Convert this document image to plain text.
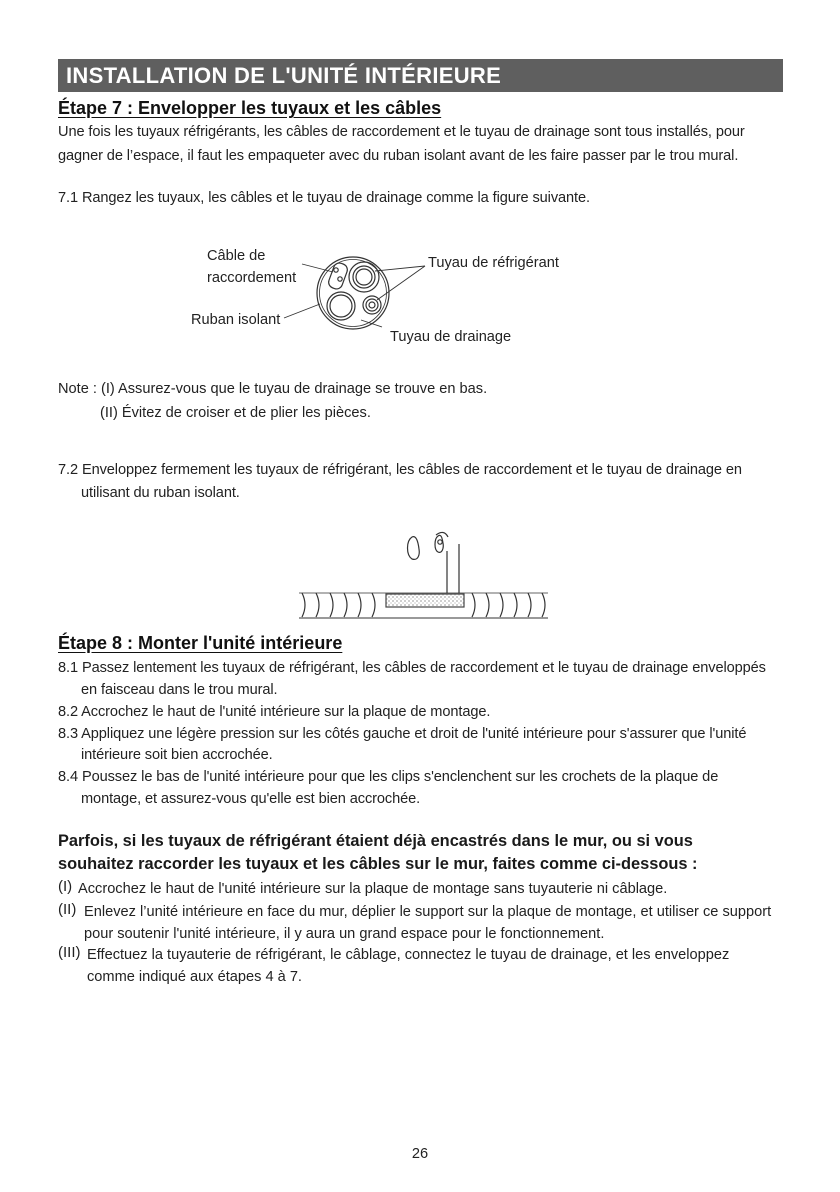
INSTALLATION DE L'UNITÉ INTÉRIEURE
Étape 7 : Envelopper les tuyaux et les câbles
Une fois les tuyaux réfrigérants, les câbles de raccordement et le tuyau de drainage sont tous installés, pour
gagner de l’espace, il faut les empaqueter avec du ruban isolant avant de les faire passer par le trou mural.
7.1 Rangez les tuyaux, les câbles et le tuyau de drainage comme la figure suivante.
Câble de
raccordement
Tuyau de réfrigérant
Ruban isolant
Tuyau de drainage
Note : (I) Assurez-vous que le tuyau de drainage se trouve en bas.
(II) Évitez de croiser et de plier les pièces.
7.2 Enveloppez fermement les tuyaux de réfrigérant, les câbles de raccordement et le tuyau de drainage en
utilisant du ruban isolant.
Étape 8 : Monter l'unité intérieure
8.1 Passez lentement les tuyaux de réfrigérant, les câbles de raccordement et le tuyau de drainage enveloppés
en faisceau dans le trou mural.
8.2 Accrochez le haut de l'unité intérieure sur la plaque de montage.
8.3 Appliquez une légère pression sur les côtés gauche et droit de l'unité intérieure pour s'assurer que l'unité
intérieure soit bien accrochée.
8.4 Poussez le bas de l'unité intérieure pour que les clips s'enclenchent sur les crochets de la plaque de
montage, et assurez-vous qu'elle est bien accrochée.
Parfois, si les tuyaux de réfrigérant étaient déjà encastrés dans le mur, ou si vous
souhaitez raccorder les tuyaux et les câbles sur le mur, faites comme ci-dessous :
(I) Accrochez le haut de l'unité intérieure sur la plaque de montage sans tuyauterie ni câblage.
(II) Enlevez l’unité intérieure en face du mur, déplier le support sur la plaque de montage, et utiliser ce support
pour soutenir l'unité intérieure, il y aura un grand espace pour le fonctionnement.
(III) Effectuez la tuyauterie de réfrigérant, le câblage, connectez le tuyau de drainage, et les enveloppez
comme indiqué aux étapes 4 à 7.
26
